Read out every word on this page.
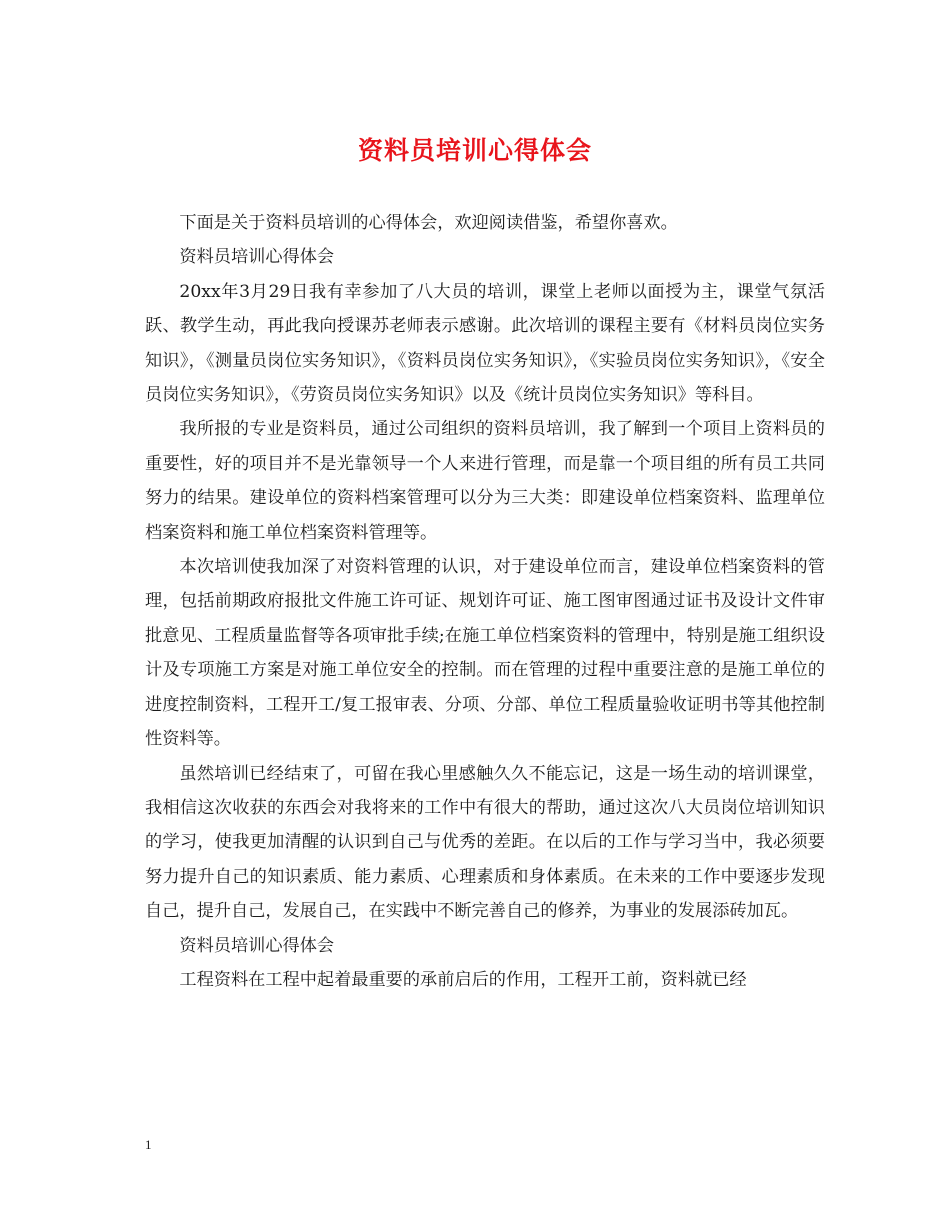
资料员培训心得体会

下面是关于资料员培训的心得体会，欢迎阅读借鉴，希望你喜欢。

资料员培训心得体会

20xx年3月29日我有幸参加了八大员的培训，课堂上老师以面授为主，课堂气氛活跃、教学生动，再此我向授课苏老师表示感谢。此次培训的课程主要有《材料员岗位实务知识》，《测量员岗位实务知识》，《资料员岗位实务知识》，《实验员岗位实务知识》，《安全员岗位实务知识》，《劳资员岗位实务知识》以及《统计员岗位实务知识》等科目。

我所报的专业是资料员，通过公司组织的资料员培训，我了解到一个项目上资料员的重要性，好的项目并不是光靠领导一个人来进行管理，而是靠一个项目组的所有员工共同努力的结果。建设单位的资料档案管理可以分为三大类：即建设单位档案资料、监理单位档案资料和施工单位档案资料管理等。

本次培训使我加深了对资料管理的认识，对于建设单位而言，建设单位档案资料的管理，包括前期政府报批文件施工许可证、规划许可证、施工图审图通过证书及设计文件审批意见、工程质量监督等各项审批手续;在施工单位档案资料的管理中，特别是施工组织设计及专项施工方案是对施工单位安全的控制。而在管理的过程中重要注意的是施工单位的进度控制资料，工程开工/复工报审表、分项、分部、单位工程质量验收证明书等其他控制性资料等。

虽然培训已经结束了，可留在我心里感触久久不能忘记，这是一场生动的培训课堂，我相信这次收获的东西会对我将来的工作中有很大的帮助，通过这次八大员岗位培训知识的学习，使我更加清醒的认识到自己与优秀的差距。在以后的工作与学习当中，我必须要努力提升自己的知识素质、能力素质、心理素质和身体素质。在未来的工作中要逐步发现自己，提升自己，发展自己，在实践中不断完善自己的修养，为事业的发展添砖加瓦。

资料员培训心得体会

工程资料在工程中起着最重要的承前启后的作用，工程开工前，资料就已经

1
